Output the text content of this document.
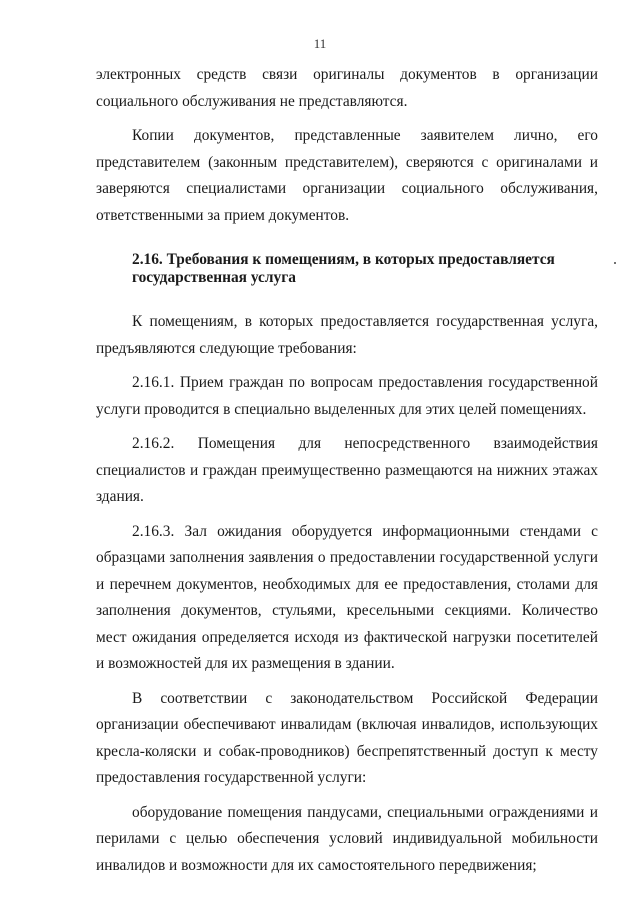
11

электронных средств связи оригиналы документов в организации социального обслуживания не представляются.

Копии документов, представленные заявителем лично, его представителем (законным представителем), сверяются с оригиналами и заверяются специалистами организации социального обслуживания, ответственными за прием документов.

2.16. Требования к помещениям, в которых предоставляется

государственная услуга

К помещениям, в которых предоставляется государственная услуга, предъявляются следующие требования:

2.16.1. Прием граждан по вопросам предоставления государственной услуги проводится в специально выделенных для этих целей помещениях.

2.16.2. Помещения для непосредственного взаимодействия специалистов и граждан преимущественно размещаются на нижних этажах здания.

2.16.3. Зал ожидания оборудуется информационными стендами с образцами заполнения заявления о предоставлении государственной услуги и перечнем документов, необходимых для ее предоставления, столами для заполнения документов, стульями, кресельными секциями. Количество мест ожидания определяется исходя из фактической нагрузки посетителей и возможностей для их размещения в здании.

В соответствии с законодательством Российской Федерации организации обеспечивают инвалидам (включая инвалидов, использующих кресла-коляски и собак-проводников) беспрепятственный доступ к месту предоставления государственной услуги:

оборудование помещения пандусами, специальными ограждениями и перилами с целью обеспечения условий индивидуальной мобильности инвалидов и возможности для их самостоятельного передвижения;
